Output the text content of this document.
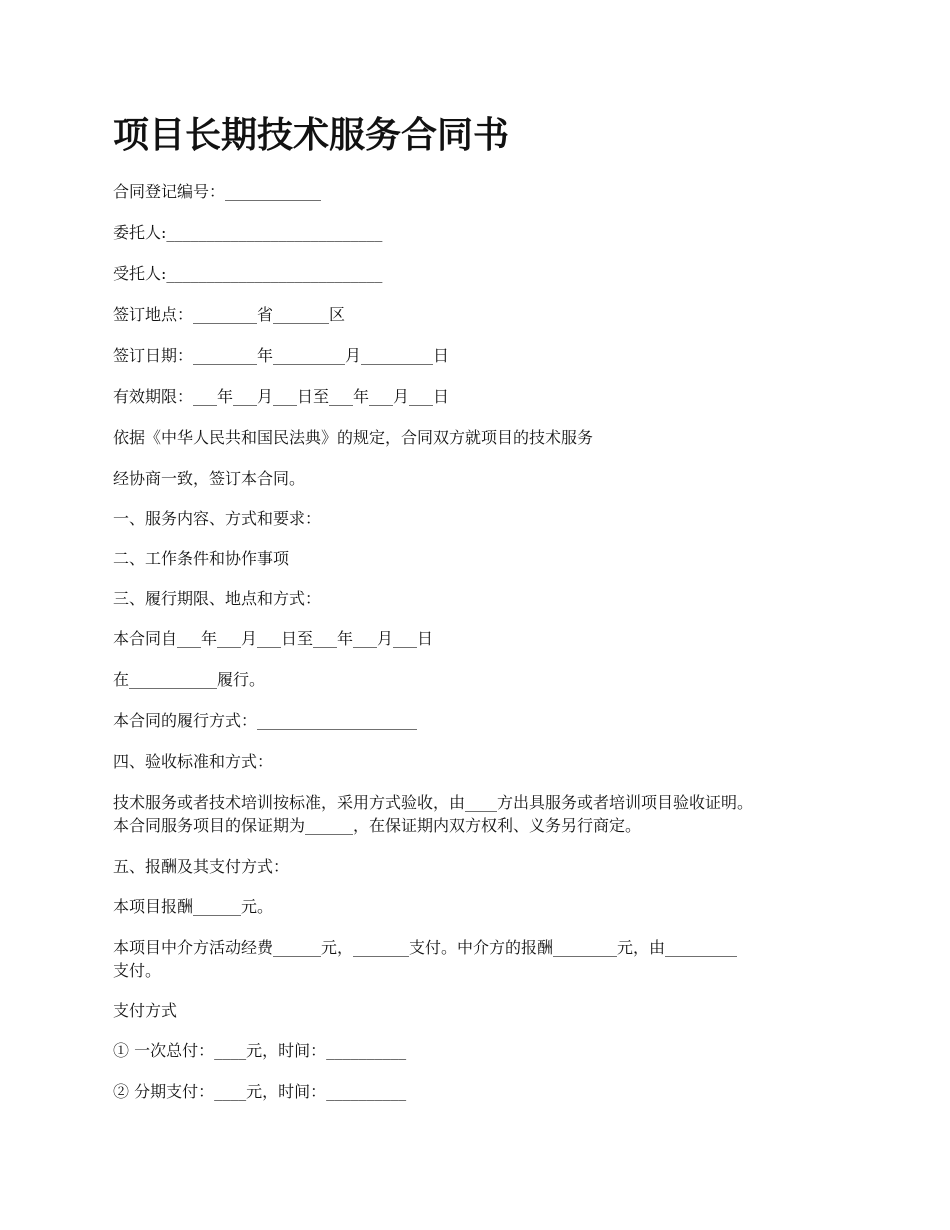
项目长期技术服务合同书

合同登记编号：____________

委托人:___________________________

受托人:___________________________

签订地点：________省_______区

签订日期：________年_________月_________日

有效期限：___年___月___日至___年___月___日

依据《中华人民共和国民法典》的规定，合同双方就项目的技术服务

经协商一致，签订本合同。

一、服务内容、方式和要求：

二、工作条件和协作事项

三、履行期限、地点和方式：

本合同自___年___月___日至___年___月___日

在___________履行。

本合同的履行方式：____________________

四、验收标准和方式：

技术服务或者技术培训按标准，采用方式验收，由____方出具服务或者培训项目验收证明。

本合同服务项目的保证期为______，在保证期内双方权利、义务另行商定。

五、报酬及其支付方式：

本项目报酬______元。

本项目中介方活动经费______元，_______支付。中介方的报酬________元，由_________

支付。

支付方式

① 一次总付：____元，时间：__________

② 分期支付：____元，时间：__________
